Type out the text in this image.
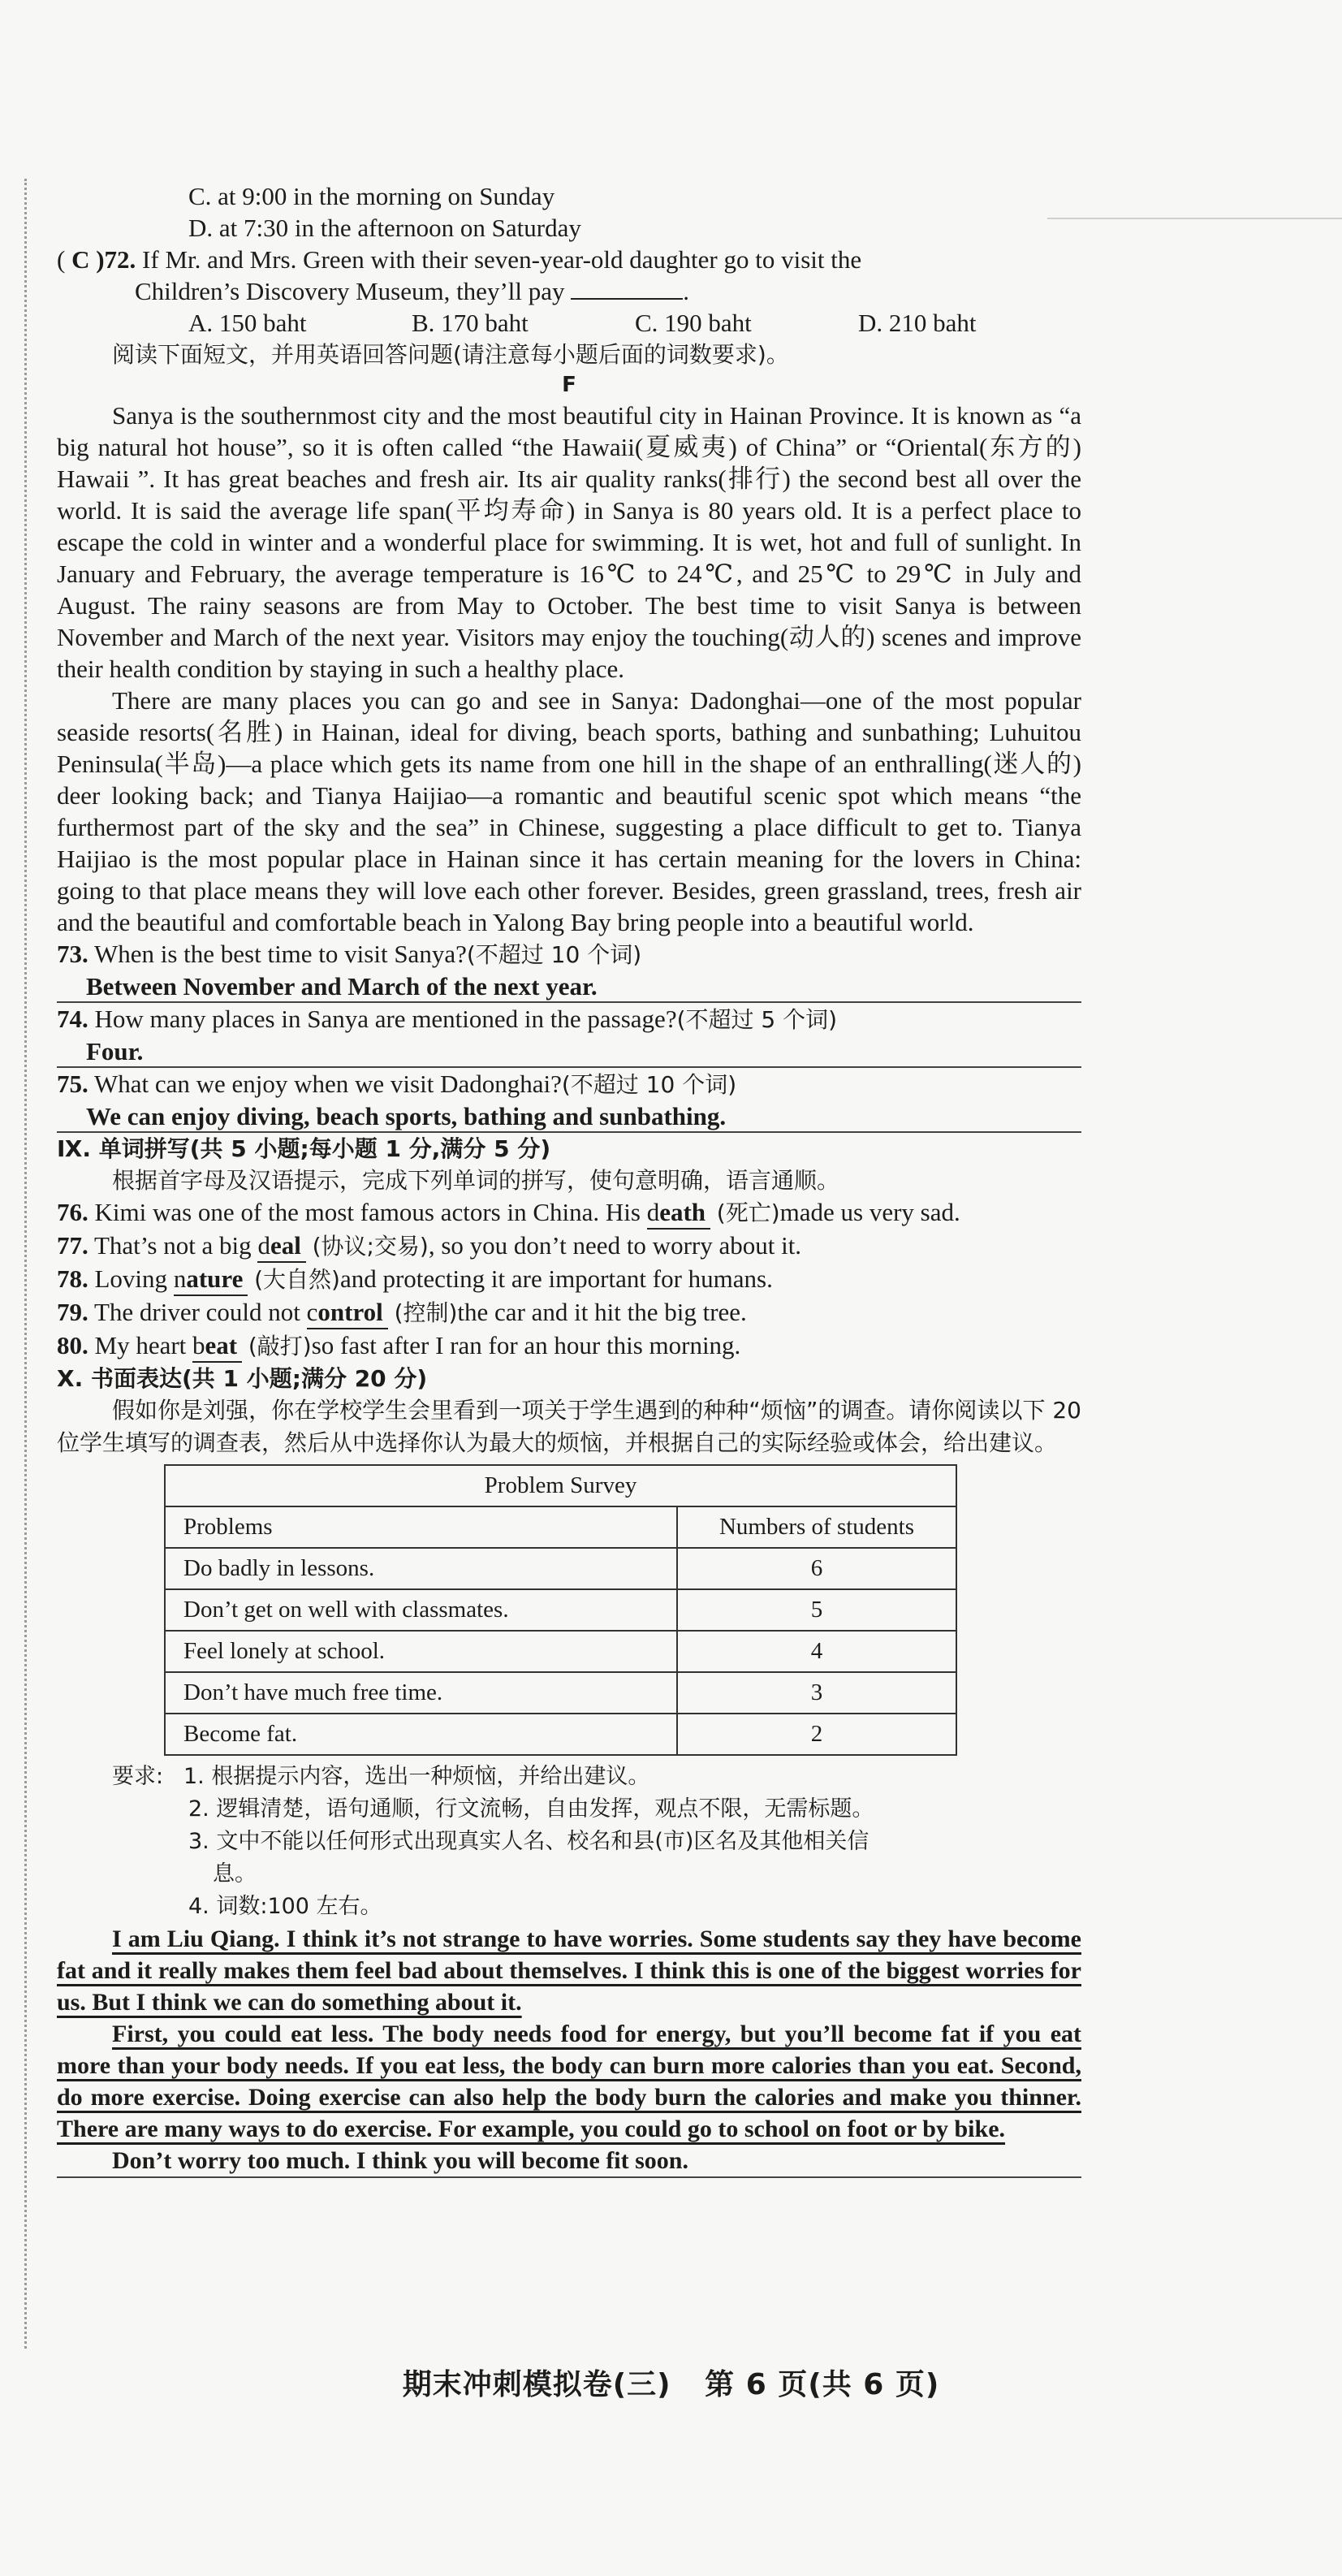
C. at 9:00 in the morning on Sunday
D. at 7:30 in the afternoon on Saturday
( C )72. If Mr. and Mrs. Green with their seven-year-old daughter go to visit the
Children’s Discovery Museum, they’ll pay	.
A. 150 baht	B. 170 baht	C. 190 baht	D. 210 baht
阅读下面短文，并用英语回答问题(请注意每小题后面的词数要求)。
F

Sanya is the southernmost city and the most beautiful city in Hainan Province. It is known as “a big natural hot house”, so it is often called “the Hawaii(夏威夷) of China” or “Oriental(东方的) Hawaii ”. It has great beaches and fresh air. Its air quality ranks(排行) the second best all over the world. It is said the average life span(平均寿命) in Sanya is 80 years old. It is a perfect place to escape the cold in winter and a wonderful place for swimming. It is wet, hot and full of sunlight. In January and February, the average temperature is 16℃ to 24℃, and 25℃ to 29℃ in July and August. The rainy seasons are from May to October. The best time to visit Sanya is between November and March of the next year. Visitors may enjoy the touching(动人的) scenes and improve their health condition by staying in such a healthy place.

There are many places you can go and see in Sanya: Dadonghai—one of the most popular seaside resorts(名胜) in Hainan, ideal for diving, beach sports, bathing and sunbathing; Luhuitou Peninsula(半岛)—a place which gets its name from one hill in the shape of an enthralling(迷人的) deer looking back; and Tianya Haijiao—a romantic and beautiful scenic spot which means “the furthermost part of the sky and the sea” in Chinese, suggesting a place difficult to get to. Tianya Haijiao is the most popular place in Hainan since it has certain meaning for the lovers in China: going to that place means they will love each other forever. Besides, green grassland, trees, fresh air and the beautiful and comfortable beach in Yalong Bay bring people into a beautiful world.

73. When is the best time to visit Sanya?(不超过 10 个词)
Between November and March of the next year.
74. How many places in Sanya are mentioned in the passage?(不超过 5 个词)
Four.
75. What can we enjoy when we visit Dadonghai?(不超过 10 个词)
We can enjoy diving, beach sports, bathing and sunbathing.
Ⅸ. 单词拼写(共 5 小题;每小题 1 分,满分 5 分)
根据首字母及汉语提示，完成下列单词的拼写，使句意明确，语言通顺。
76. Kimi was one of the most famous actors in China. His death (死亡)made us very sad.
77. That’s not a big deal (协议;交易), so you don’t need to worry about it.
78. Loving nature (大自然)and protecting it are important for humans.
79. The driver could not control (控制)the car and it hit the big tree.
80. My heart beat (敲打)so fast after I ran for an hour this morning.
Ⅹ. 书面表达(共 1 小题;满分 20 分)

假如你是刘强，你在学校学生会里看到一项关于学生遇到的种种“烦恼”的调查。请你阅读以下 20 位学生填写的调查表，然后从中选择你认为最大的烦恼，并根据自己的实际经验或体会，给出建议。

Problem Survey	
Problems	Numbers of students
Do badly in lessons.	6
Don’t get on well with classmates.	5
Feel lonely at school.	4
Don’t have much free time.	3
Become fat.	2
要求: 1. 根据提示内容，选出一种烦恼，并给出建议。
2. 逻辑清楚，语句通顺，行文流畅，自由发挥，观点不限，无需标题。
3. 文中不能以任何形式出现真实人名、校名和县(市)区名及其他相关信
息。
4. 词数:100 左右。

I am Liu Qiang. I think it’s not strange to have worries. Some students say they have become fat and it really makes them feel bad about themselves. I think this is one of the biggest worries for us. But I think we can do something about it.

First, you could eat less. The body needs food for energy, but you’ll become fat if you eat more than your body needs. If you eat less, the body can burn more calories than you eat. Second, do more exercise. Doing exercise can also help the body burn the calories and make you thinner. There are many ways to do exercise. For example, you could go to school on foot or by bike.

Don’t worry too much. I think you will become fit soon.

期末冲刺模拟卷(三) 第 6 页(共 6 页)
